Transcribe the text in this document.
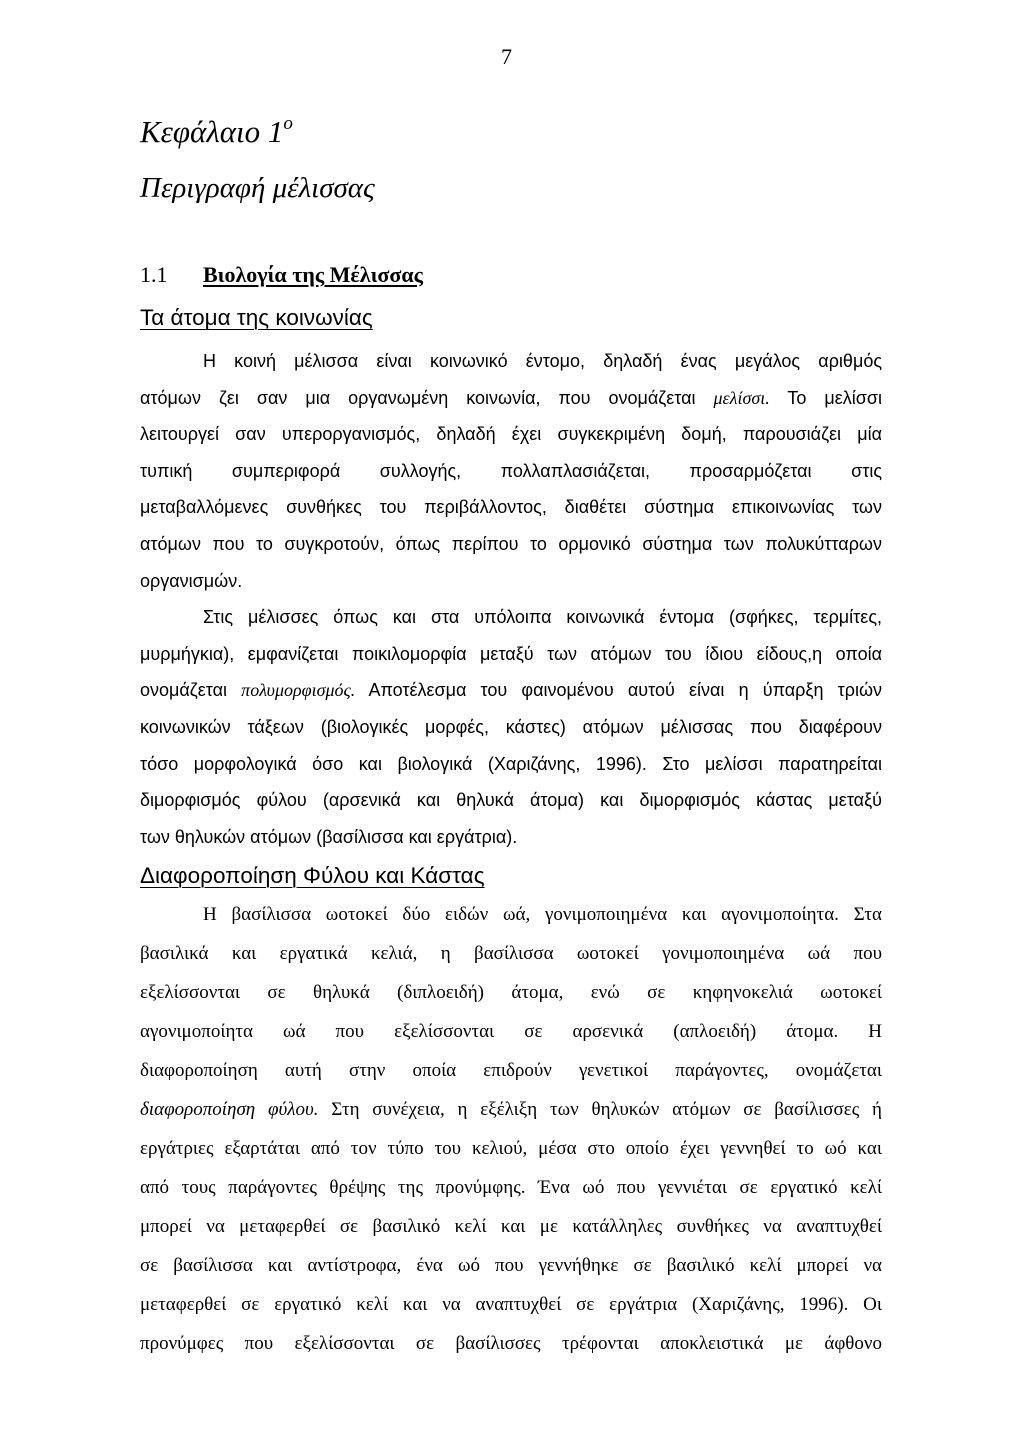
7
Κεφάλαιο $1^o$
Περιγραφή μέλισσας
1.1	Βιολογία της Μέλισσας
Τα άτομα της κοινωνίας
Η κοινή μέλισσα είναι κοινωνικό έντομο, δηλαδή ένας μεγάλος αριθμός
ατόμων ζει σαν μια οργανωμένη κοινωνία, που ονομάζεται μελίσσι. Το μελίσσι
λειτουργεί σαν υπεροργανισμός, δηλαδή έχει συγκεκριμένη δομή, παρουσιάζει μία
τυπική συμπεριφορά συλλογής, πολλαπλασιάζεται, προσαρμόζεται στις
μεταβαλλόμενες συνθήκες του περιβάλλοντος, διαθέτει σύστημα επικοινωνίας των
ατόμων που το συγκροτούν, όπως περίπου το ορμονικό σύστημα των πολυκύτταρων
οργανισμών.
Στις μέλισσες όπως και στα υπόλοιπα κοινωνικά έντομα (σφήκες, τερμίτες,
μυρμήγκια), εμφανίζεται ποικιλομορφία μεταξύ των ατόμων του ίδιου είδους,η οποία
ονομάζεται πολυμορφισμός. Αποτέλεσμα του φαινομένου αυτού είναι η ύπαρξη τριών
κοινωνικών τάξεων (βιολογικές μορφές, κάστες) ατόμων μέλισσας που διαφέρουν
τόσο μορφολογικά όσο και βιολογικά (Χαριζάνης, 1996). Στο μελίσσι παρατηρείται
διμορφισμός φύλου (αρσενικά και θηλυκά άτομα) και διμορφισμός κάστας μεταξύ
των θηλυκών ατόμων (βασίλισσα και εργάτρια).
Διαφοροποίηση Φύλου και Κάστας
Η βασίλισσα ωοτοκεί δύο ειδών ωά, γονιμοποιημένα και αγονιμοποίητα. Στα
βασιλικά και εργατικά κελιά, η βασίλισσα ωοτοκεί γονιμοποιημένα ωά που
εξελίσσονται σε θηλυκά (διπλοειδή) άτομα, ενώ σε κηφηνοκελιά ωοτοκεί
αγονιμοποίητα ωά που εξελίσσονται σε αρσενικά (απλοειδή) άτομα. Η
διαφοροποίηση αυτή στην οποία επιδρούν γενετικοί παράγοντες, ονομάζεται
διαφοροποίηση φύλου. Στη συνέχεια, η εξέλιξη των θηλυκών ατόμων σε βασίλισσες ή
εργάτριες εξαρτάται από τον τύπο του κελιού, μέσα στο οποίο έχει γεννηθεί το ωό και
από τους παράγοντες θρέψης της προνύμφης. Ένα ωό που γεννιέται σε εργατικό κελί
μπορεί να μεταφερθεί σε βασιλικό κελί και με κατάλληλες συνθήκες να αναπτυχθεί
σε βασίλισσα και αντίστροφα, ένα ωό που γεννήθηκε σε βασιλικό κελί μπορεί να
μεταφερθεί σε εργατικό κελί και να αναπτυχθεί σε εργάτρια (Χαριζάνης, 1996). Οι
προνύμφες που εξελίσσονται σε βασίλισσες τρέφονται αποκλειστικά με άφθονο
